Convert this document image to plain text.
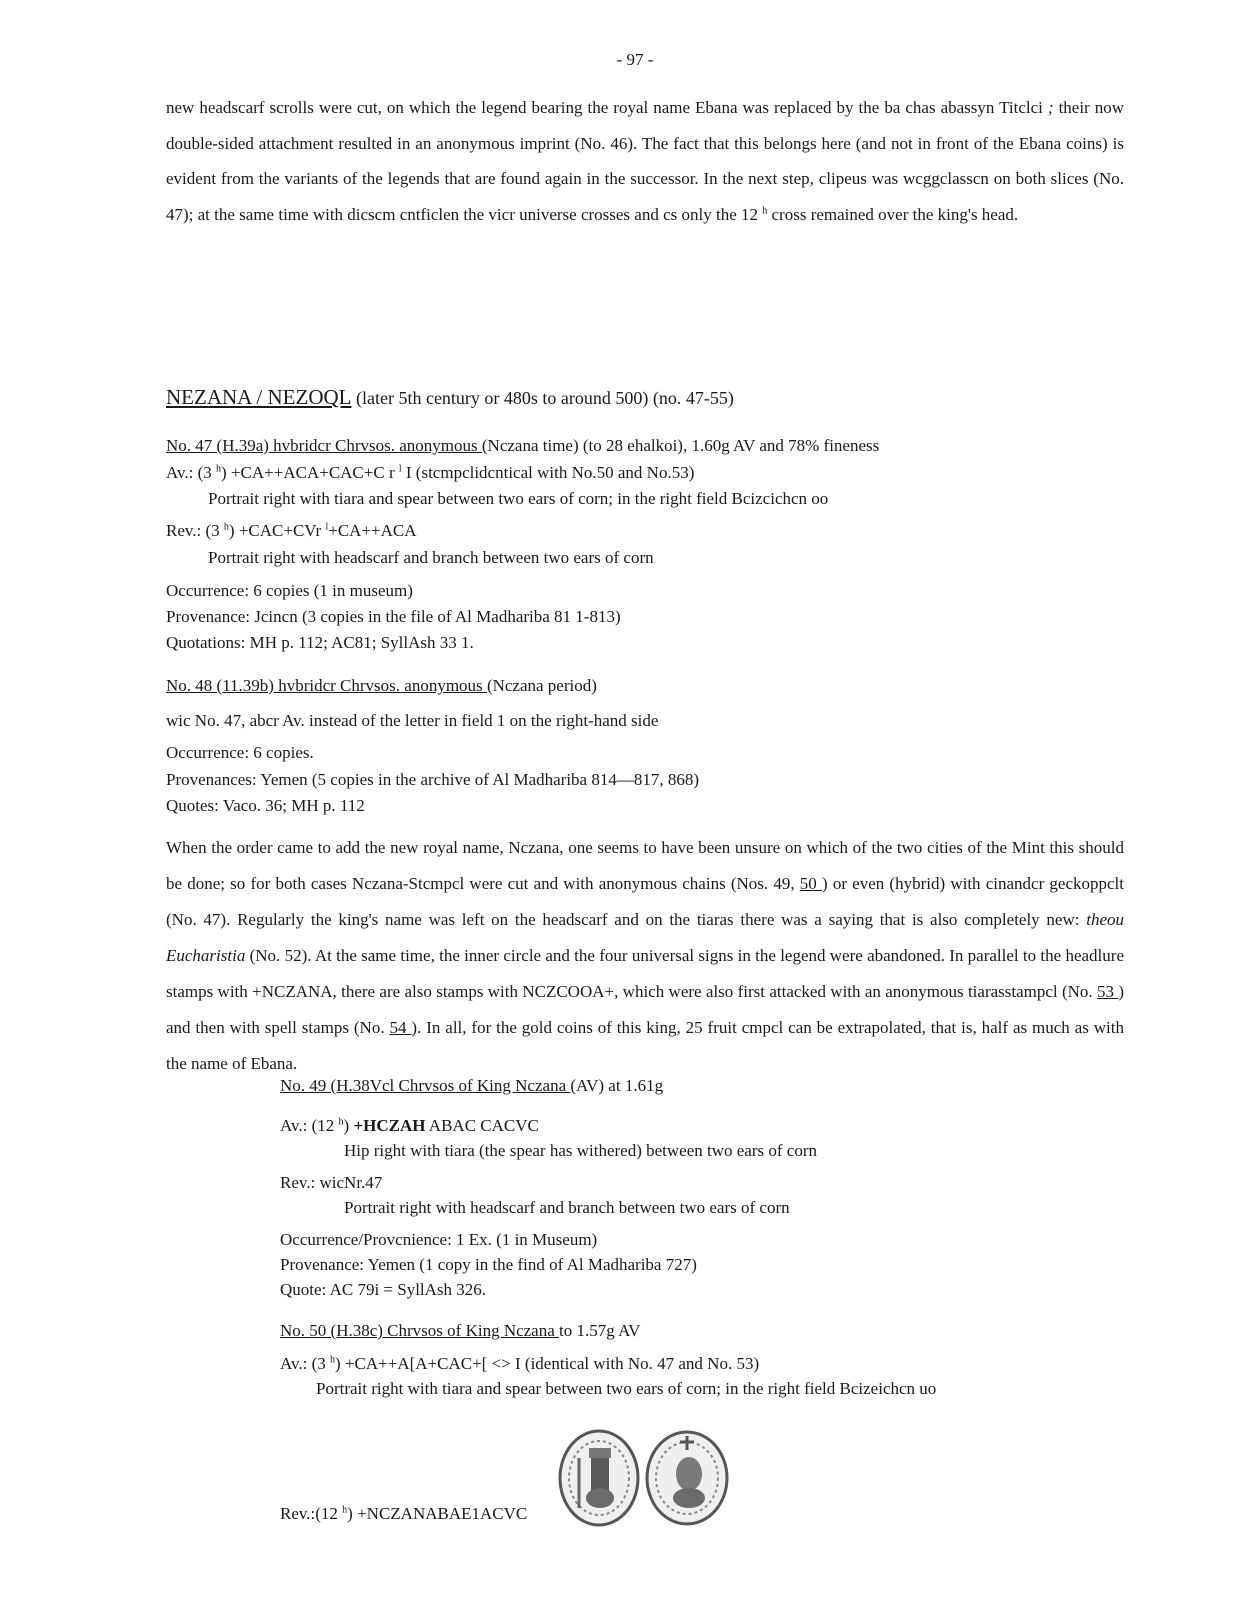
- 97 -

new headscarf scrolls were cut, on which the legend bearing the royal name Ebana was replaced by the ba chas abassyn Titclci ; their now double-sided attachment resulted in an anonymous imprint (No. 46). The fact that this belongs here (and not in front of the Ebana coins) is evident from the variants of the legends that are found again in the successor. In the next step, clipeus was wcggclasscn on both slices (No. 47); at the same time with dicscm cntficlen the vicr universe crosses and cs only the 12 $^h$ cross remained over the king's head.

NEZANA / NEZOQL (later 5th century or 480s to around 500) (no. 47-55)
No. 47 (H.39a) hvbridcr Chrvsos. anonymous (Nczana time) (to 28 ehalkoi), 1.60g AV and 78% fineness
Av.: (3 $^h$) +CA++ACA+CAC+C r $^l$ I (stcmpclidcntical with No.50 and No.53)
Portrait right with tiara and spear between two ears of corn; in the right field Bcizcichcn oo
Rev.: (3 $^h$) +CAC+CVr $^l$+CA++ACA
Portrait right with headscarf and branch between two ears of corn
Occurrence: 6 copies (1 in museum)
Provenance: Jcincn (3 copies in the file of Al Madhariba 81 1-813)
Quotations: MH p. 112; AC81; SyllAsh 33 1.
No. 48 (11.39b) hvbridcr Chrvsos. anonymous (Nczana period)
wic No. 47, abcr Av. instead of the letter in field 1 on the right-hand side
Occurrence: 6 copies.
Provenances: Yemen (5 copies in the archive of Al Madhariba 814—817, 868)
Quotes: Vaco. 36; MH p. 112

When the order came to add the new royal name, Nczana, one seems to have been unsure on which of the two cities of the Mint this should be done; so for both cases Nczana-Stcmpcl were cut and with anonymous chains (Nos. 49, 50 ) or even (hybrid) with cinandcr geckoppclt (No. 47). Regularly the king's name was left on the headscarf and on the tiaras there was a saying that is also completely new: theou Eucharistia (No. 52). At the same time, the inner circle and the four universal signs in the legend were abandoned. In parallel to the headlure stamps with +NCZANA, there are also stamps with NCZCOOA+, which were also first attacked with an anonymous tiarasstampcl (No. 53 ) and then with spell stamps (No. 54 ). In all, for the gold coins of this king, 25 fruit cmpcl can be extrapolated, that is, half as much as with the name of Ebana.

No. 49 (H.38Vcl Chrvsos of King Nczana (AV) at 1.61g
Av.: (12 $^h$) +HCZAH ABAC CACVC
Hip right with tiara (the spear has withered) between two ears of corn
Rev.: wicNr.47
Portrait right with headscarf and branch between two ears of corn
Occurrence/Provcnience: 1 Ex. (1 in Museum)
Provenance: Yemen (1 copy in the find of Al Madhariba 727)
Quote: AC 79i = SyllAsh 326.
No. 50 (H.38c) Chrvsos of King Nczana to 1.57g AV
Av.: (3 $^h$) +CA++A[A+CAC+[ <> I (identical with No. 47 and No. 53)
Portrait right with tiara and spear between two ears of corn; in the right field Bcizeichcn uo
Rev.:(12 $^h$) +NCZANABAE1ACVC
